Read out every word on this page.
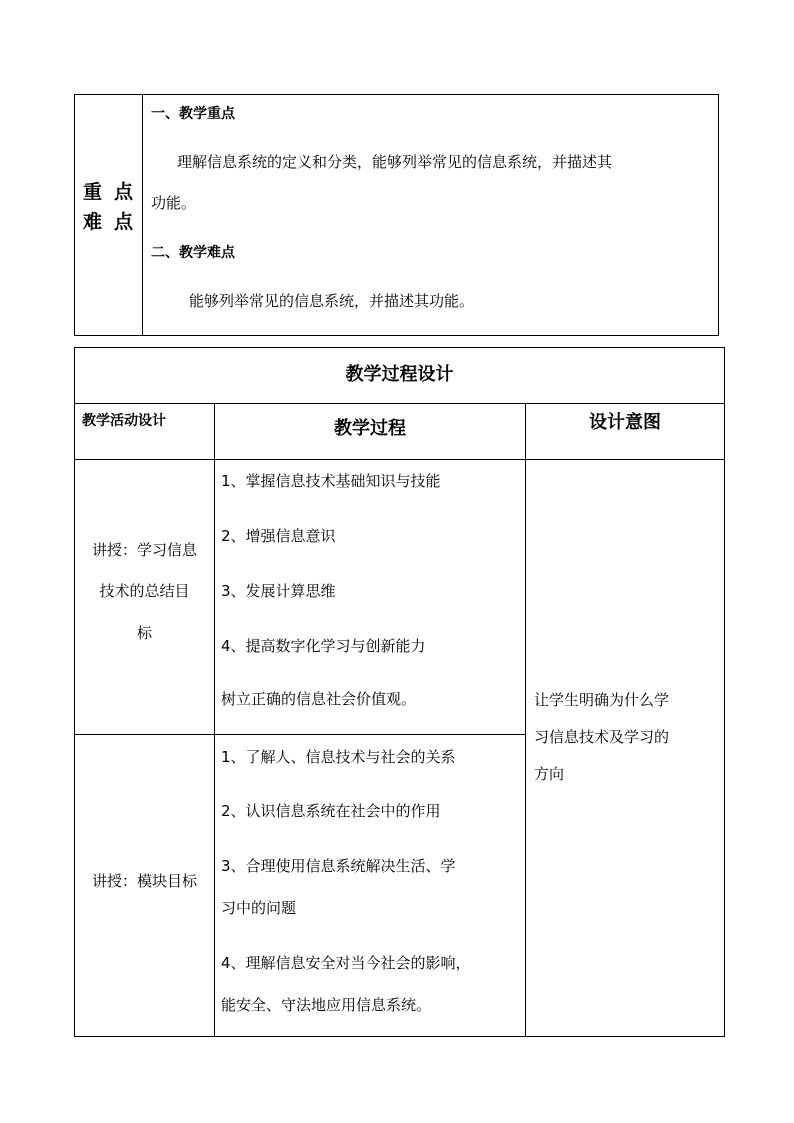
重点
难点
一、教学重点
理解信息系统的定义和分类，能够列举常见的信息系统，并描述其
功能。
二、教学难点
能够列举常见的信息系统，并描述其功能。
教学过程设计
教学活动设计	教学过程	设计意图
讲授：学习信息
技术的总结目
标
1、掌握信息技术基础知识与技能
2、增强信息意识
3、发展计算思维
4、提高数字化学习与创新能力
树立正确的信息社会价值观。
讲授：模块目标
1、了解人、信息技术与社会的关系
2、认识信息系统在社会中的作用
3、合理使用信息系统解决生活、学
习中的问题
4、理解信息安全对当今社会的影响，
能安全、守法地应用信息系统。
让学生明确为什么学
习信息技术及学习的
方向
